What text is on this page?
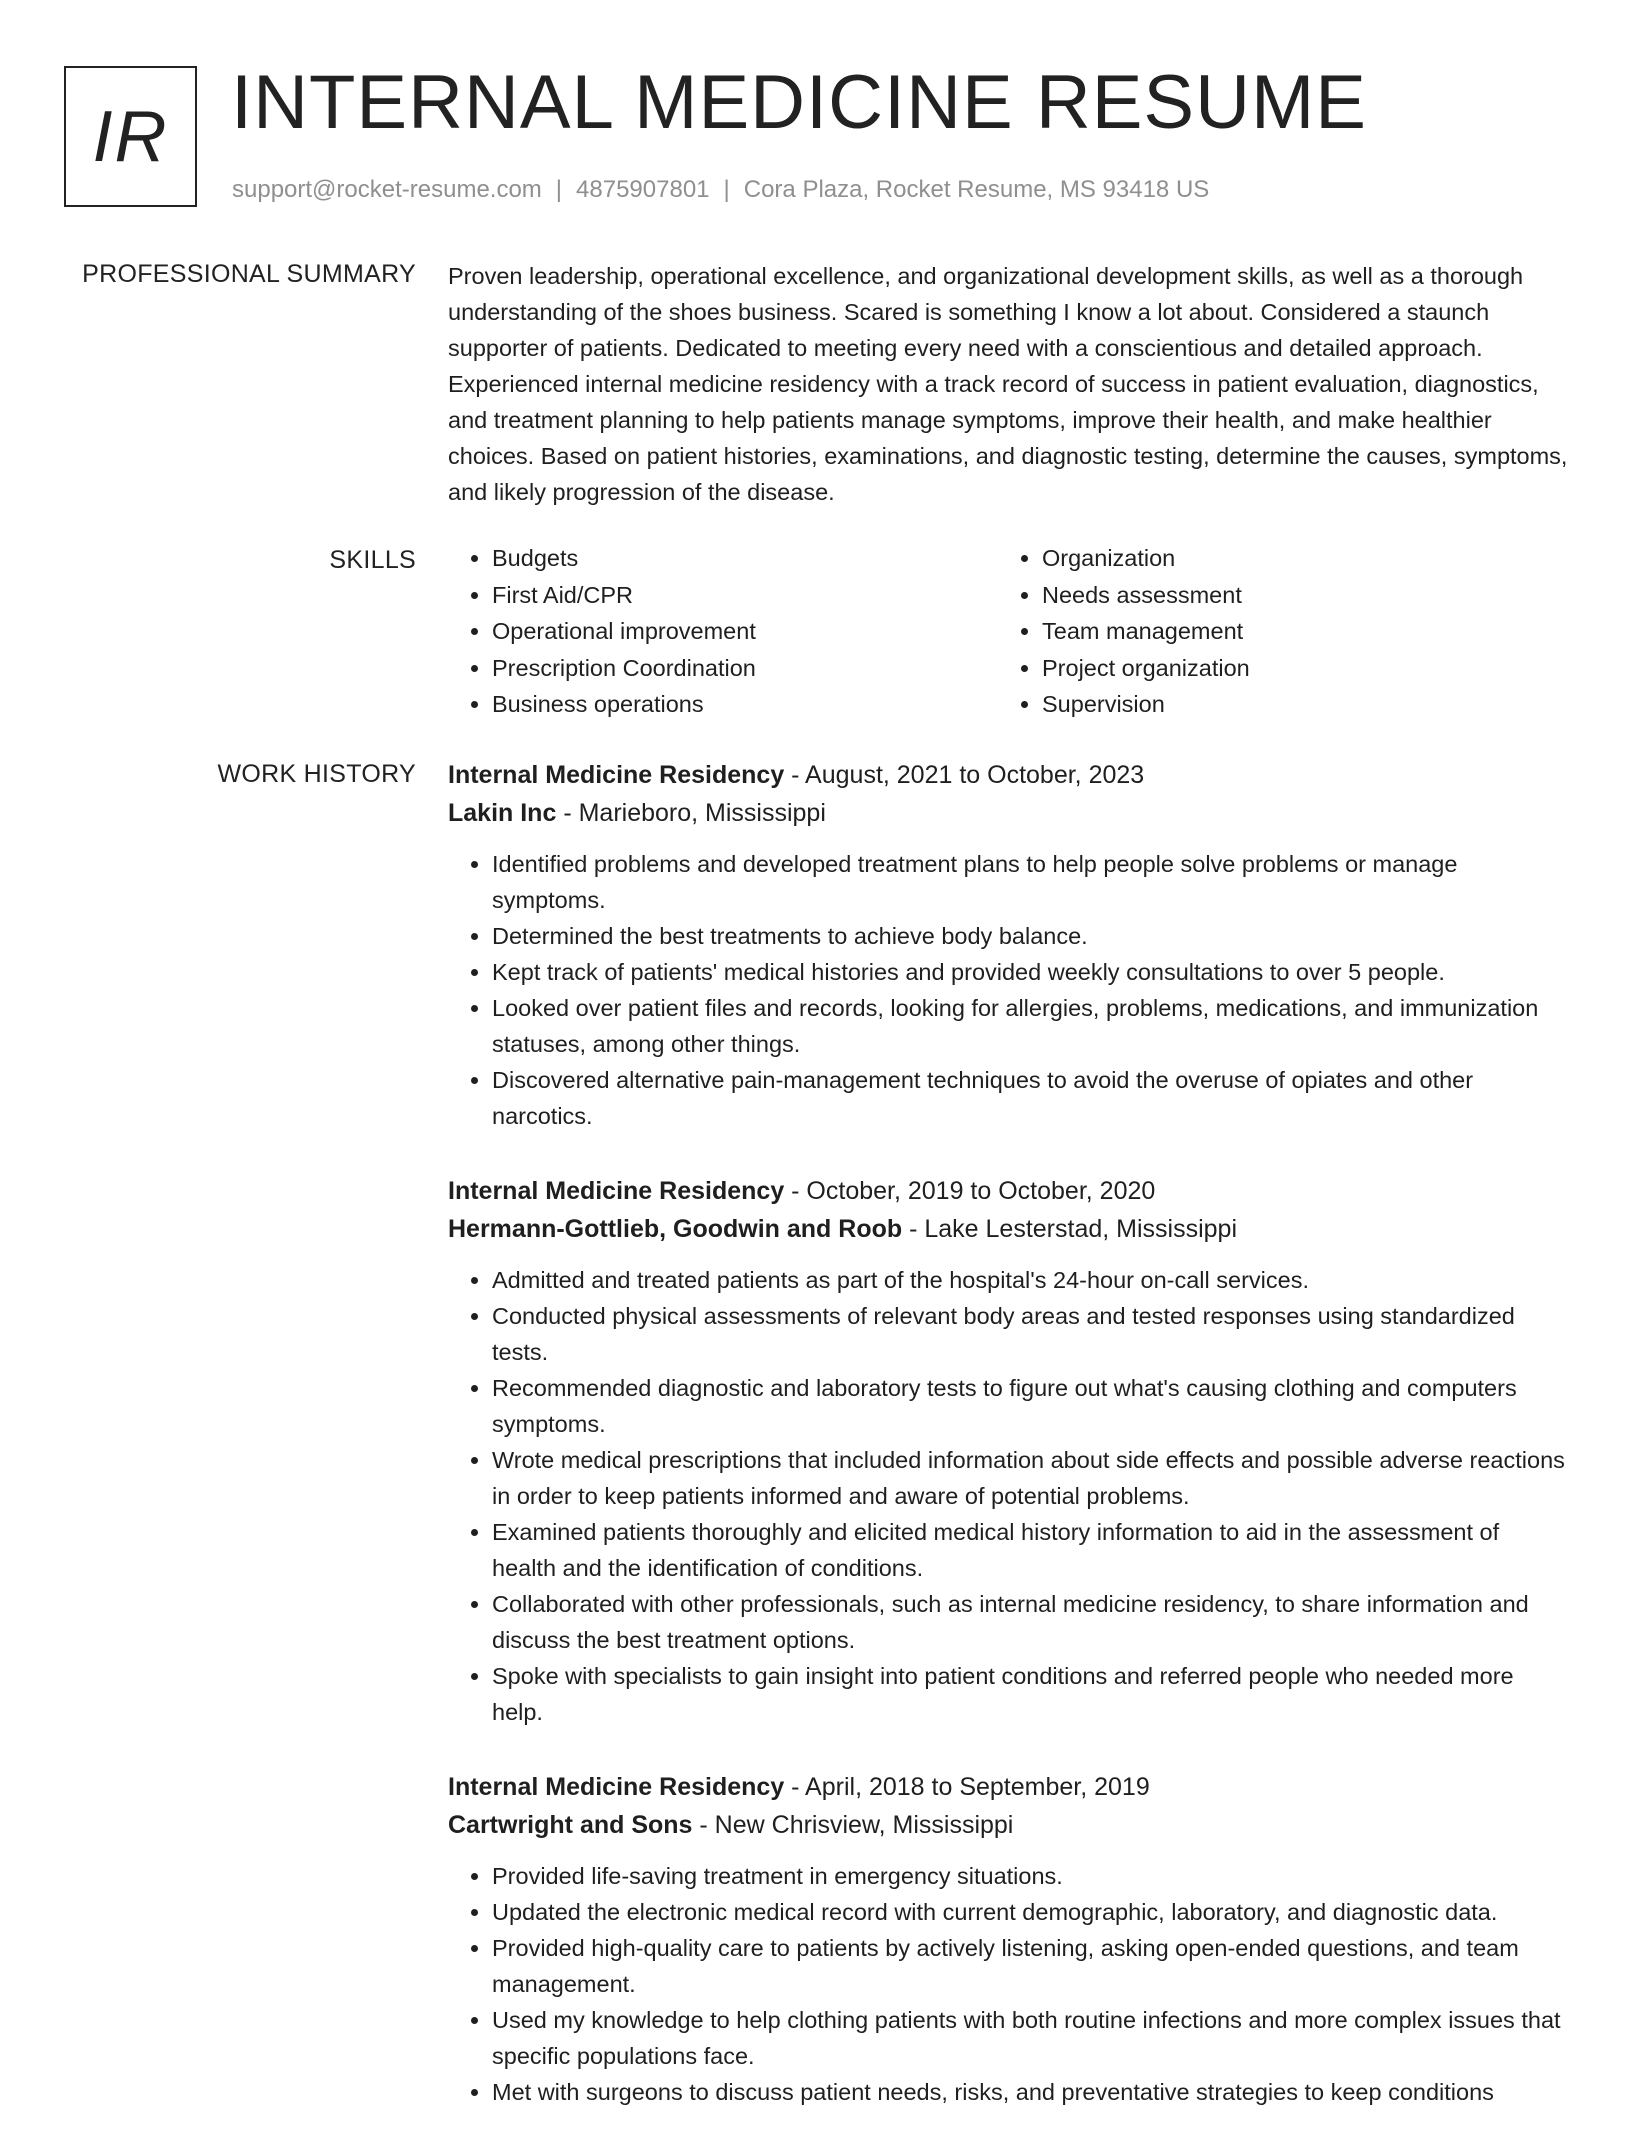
IR INTERNAL MEDICINE RESUME
support@rocket-resume.com | 4875907801 | Cora Plaza, Rocket Resume, MS 93418 US
PROFESSIONAL SUMMARY Proven leadership, operational excellence, and organizational development skills, as well as a thorough understanding of the shoes business. Scared is something I know a lot about. Considered a staunch supporter of patients. Dedicated to meeting every need with a conscientious and detailed approach. Experienced internal medicine residency with a track record of success in patient evaluation, diagnostics, and treatment planning to help patients manage symptoms, improve their health, and make healthier choices. Based on patient histories, examinations, and diagnostic testing, determine the causes, symptoms, and likely progression of the disease.

SKILLS
•	Budgets
• First Aid/CPR
• Operational improvement
• Prescription Coordination
• Business operations
• Organization
• Needs assessment
• Team management
• Project organization
• Supervision
WORK HISTORY Internal Medicine Residency - August, 2021 to October, 2023
Lakin Inc - Marieboro, Mississippi
• Identified problems and developed treatment plans to help people solve problems or manage symptoms.
• Determined the best treatments to achieve body balance.
• Kept track of patients' medical histories and provided weekly consultations to over 5 people.
• Looked over patient files and records, looking for allergies, problems, medications, and immunization statuses, among other things.
• Discovered alternative pain-management techniques to avoid the overuse of opiates and other narcotics.
Internal Medicine Residency - October, 2019 to October, 2020
Hermann-Gottlieb, Goodwin and Roob - Lake Lesterstad, Mississippi
• Admitted and treated patients as part of the hospital's 24-hour on-call services.
• Conducted physical assessments of relevant body areas and tested responses using standardized tests.
• Recommended diagnostic and laboratory tests to figure out what's causing clothing and computers symptoms.
• Wrote medical prescriptions that included information about side effects and possible adverse reactions in order to keep patients informed and aware of potential problems.
• Examined patients thoroughly and elicited medical history information to aid in the assessment of health and the identification of conditions.
• Collaborated with other professionals, such as internal medicine residency, to share information and discuss the best treatment options.
• Spoke with specialists to gain insight into patient conditions and referred people who needed more help.
Internal Medicine Residency - April, 2018 to September, 2019
Cartwright and Sons - New Chrisview, Mississippi
• Provided life-saving treatment in emergency situations.
• Updated the electronic medical record with current demographic, laboratory, and diagnostic data.
• Provided high-quality care to patients by actively listening, asking open-ended questions, and team management.
• Used my knowledge to help clothing patients with both routine infections and more complex issues that specific populations face.
• Met with surgeons to discuss patient needs, risks, and preventative strategies to keep conditions
